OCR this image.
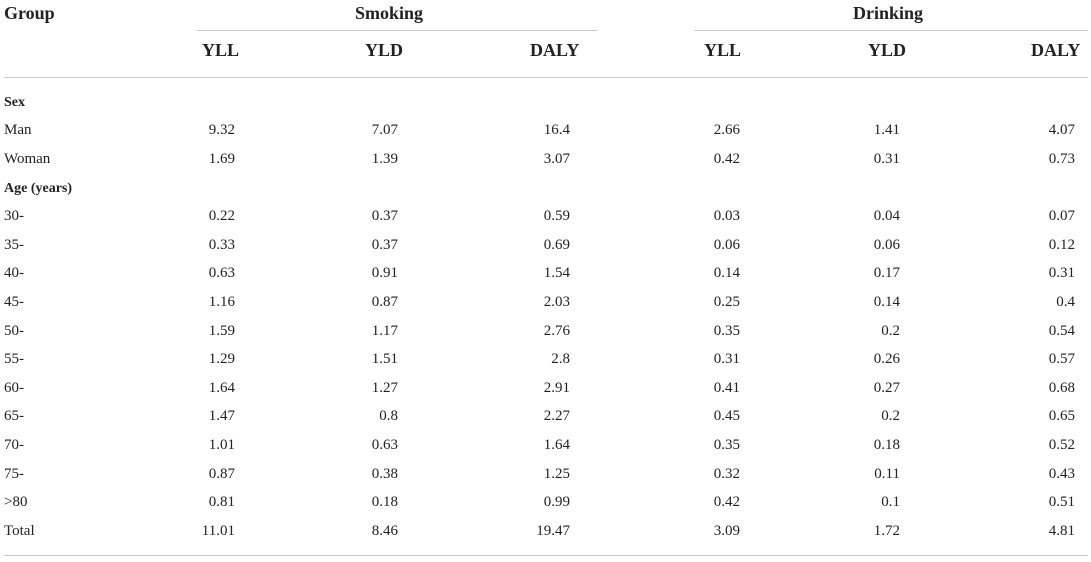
Group	Smoking	Drinking
YLL	YLD	DALY	YLL	YLD	DALY
Sex
Man	9.32	7.07	16.4	2.66	1.41	4.07
Woman	1.69	1.39	3.07	0.42	0.31	0.73
Age (years)
30-	0.22	0.37	0.59	0.03	0.04	0.07
35-	0.33	0.37	0.69	0.06	0.06	0.12
40-	0.63	0.91	1.54	0.14	0.17	0.31
45-	1.16	0.87	2.03	0.25	0.14	0.4
50-	1.59	1.17	2.76	0.35	0.2	0.54
55-	1.29	1.51	2.8	0.31	0.26	0.57
60-	1.64	1.27	2.91	0.41	0.27	0.68
65-	1.47	0.8	2.27	0.45	0.2	0.65
70-	1.01	0.63	1.64	0.35	0.18	0.52
75-	0.87	0.38	1.25	0.32	0.11	0.43
>80	0.81	0.18	0.99	0.42	0.1	0.51
Total	11.01	8.46	19.47	3.09	1.72	4.81
